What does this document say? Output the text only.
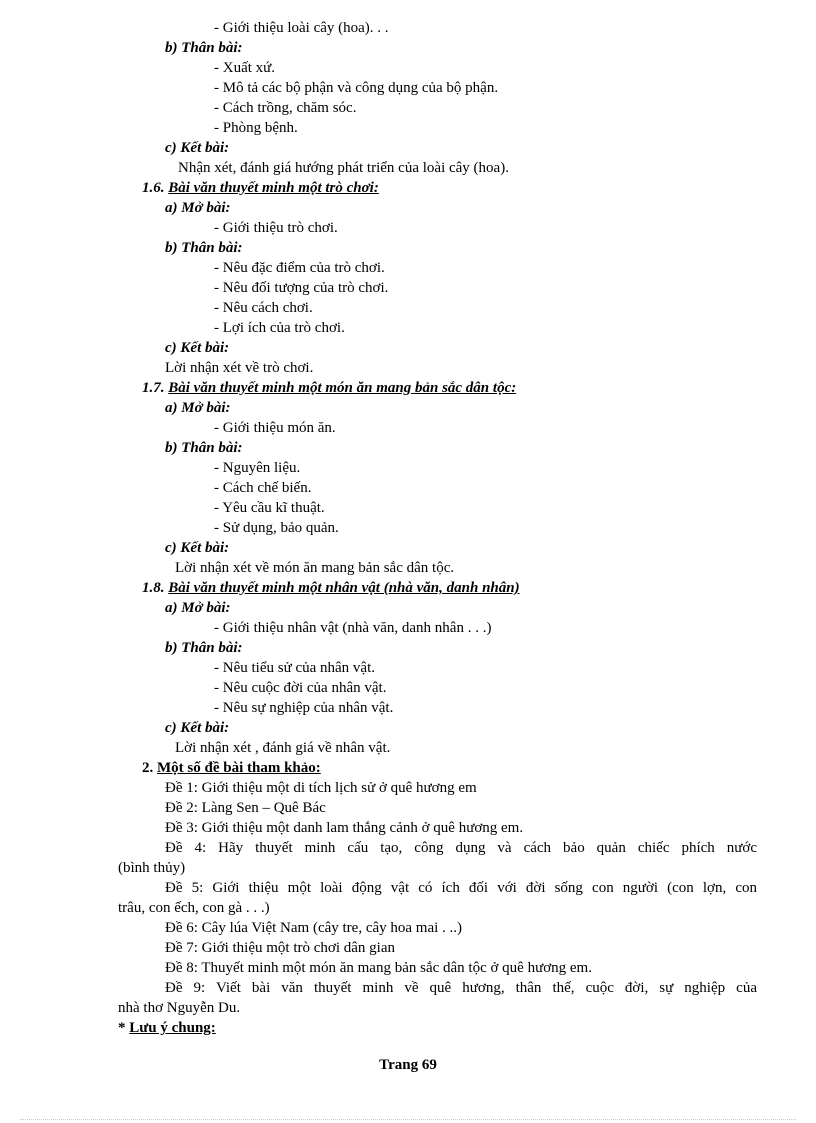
- Giới thiệu loài cây (hoa). . .
b) Thân bài:
- Xuất xứ.
- Mô tả các bộ phận và công dụng của bộ phận.
- Cách trồng, chăm sóc.
- Phòng bệnh.
c) Kết bài:
Nhận xét, đánh giá hướng phát triển của loài cây (hoa).
1.6. Bài văn thuyết minh một trò chơi:
a) Mở bài:
- Giới thiệu trò chơi.
b) Thân bài:
- Nêu đặc điểm của trò chơi.
- Nêu đối tượng của trò chơi.
- Nêu cách chơi.
- Lợi ích của trò chơi.
c) Kết bài:
Lời nhận xét về trò chơi.
1.7. Bài văn thuyết minh một món ăn mang bản sắc dân tộc:
a) Mở bài:
- Giới thiệu món ăn.
b) Thân bài:
- Nguyên liệu.
- Cách chế biến.
- Yêu cầu kĩ thuật.
- Sử dụng, bảo quản.
c) Kết bài:
Lời nhận xét về món ăn mang bản sắc dân tộc.
1.8. Bài văn thuyết minh một nhân vật (nhà văn, danh nhân)
a) Mở bài:
- Giới thiệu nhân vật (nhà văn, danh nhân . . .)
b) Thân bài:
- Nêu tiểu sử của nhân vật.
- Nêu cuộc đời của nhân vật.
- Nêu sự nghiệp của nhân vật.
c) Kết bài:
Lời nhận xét , đánh giá về nhân vật.
2. Một số đề bài tham khảo:
Đề 1: Giới thiệu một di tích lịch sử ở quê hương em
Đề 2: Làng Sen – Quê Bác
Đề 3: Giới thiệu một danh lam thắng cảnh ở quê hương em.
Đề 4: Hãy thuyết minh cấu tạo, công dụng và cách bảo quản chiếc phích nước
(bình thủy)
Đề 5: Giới thiệu một loài động vật có ích đối với đời sống con người (con lợn, con
trâu, con ếch, con gà . . .)
Đề 6: Cây lúa Việt Nam (cây tre, cây hoa mai . ..)
Đề 7: Giới thiệu một trò chơi dân gian
Đề 8: Thuyết minh một món ăn mang bản sắc dân tộc ở quê hương em.
Đề 9: Viết bài văn thuyết minh về quê hương, thân thế, cuộc đời, sự nghiệp của
nhà thơ Nguyễn Du.
* Lưu ý chung:
Trang 69
